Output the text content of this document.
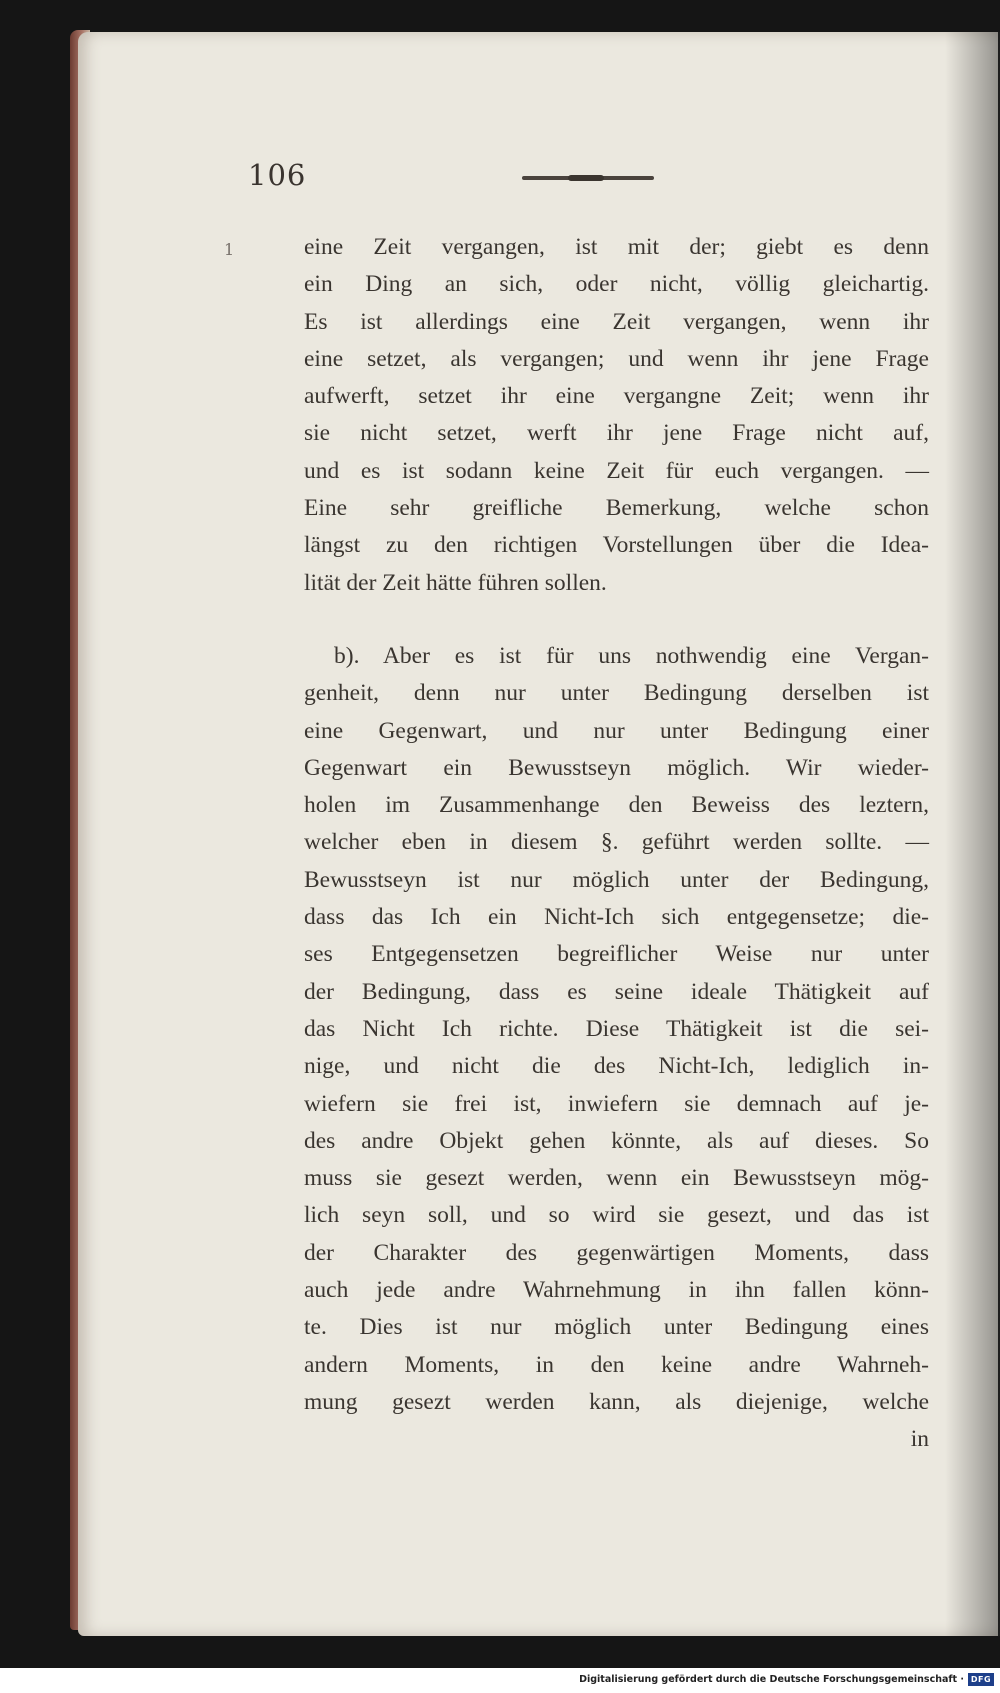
106
1	eine Zeit vergangen, ist mit der; giebt es denn
ein Ding an sich, oder nicht, völlig gleichartig.
Es ist allerdings eine Zeit vergangen, wenn ihr
eine setzet, als vergangen; und wenn ihr jene Frage
aufwerft, setzet ihr eine vergangne Zeit; wenn ihr
sie nicht setzet, werft ihr jene Frage nicht auf,
und es ist sodann keine Zeit für euch vergangen. —
Eine sehr greifliche Bemerkung, welche schon
längst zu den richtigen Vorstellungen über die Idea-
lität der Zeit hätte führen sollen.
b). Aber es ist für uns nothwendig eine Vergan-
genheit, denn nur unter Bedingung derselben ist
eine Gegenwart, und nur unter Bedingung einer
Gegenwart ein Bewusstseyn möglich. Wir wieder-
holen im Zusammenhange den Beweiss des leztern,
welcher eben in diesem §. geführt werden sollte. —
Bewusstseyn ist nur möglich unter der Bedingung,
dass das Ich ein Nicht-Ich sich entgegensetze; die-
ses Entgegensetzen begreiflicher Weise nur unter
der Bedingung, dass es seine ideale Thätigkeit auf
das Nicht Ich richte. Diese Thätigkeit ist die sei-
nige, und nicht die des Nicht-Ich, lediglich in-
wiefern sie frei ist, inwiefern sie demnach auf je-
des andre Objekt gehen könnte, als auf dieses. So
muss sie gesezt werden, wenn ein Bewusstseyn mög-
lich seyn soll, und so wird sie gesezt, und das ist
der Charakter des gegenwärtigen Moments, dass
auch jede andre Wahrnehmung in ihn fallen könn-
te. Dies ist nur möglich unter Bedingung eines
andern Moments, in den keine andre Wahrneh-
mung gesezt werden kann, als diejenige, welche
in
Digitalisierung gefördert durch die Deutsche Forschungsgemeinschaft · DFG
